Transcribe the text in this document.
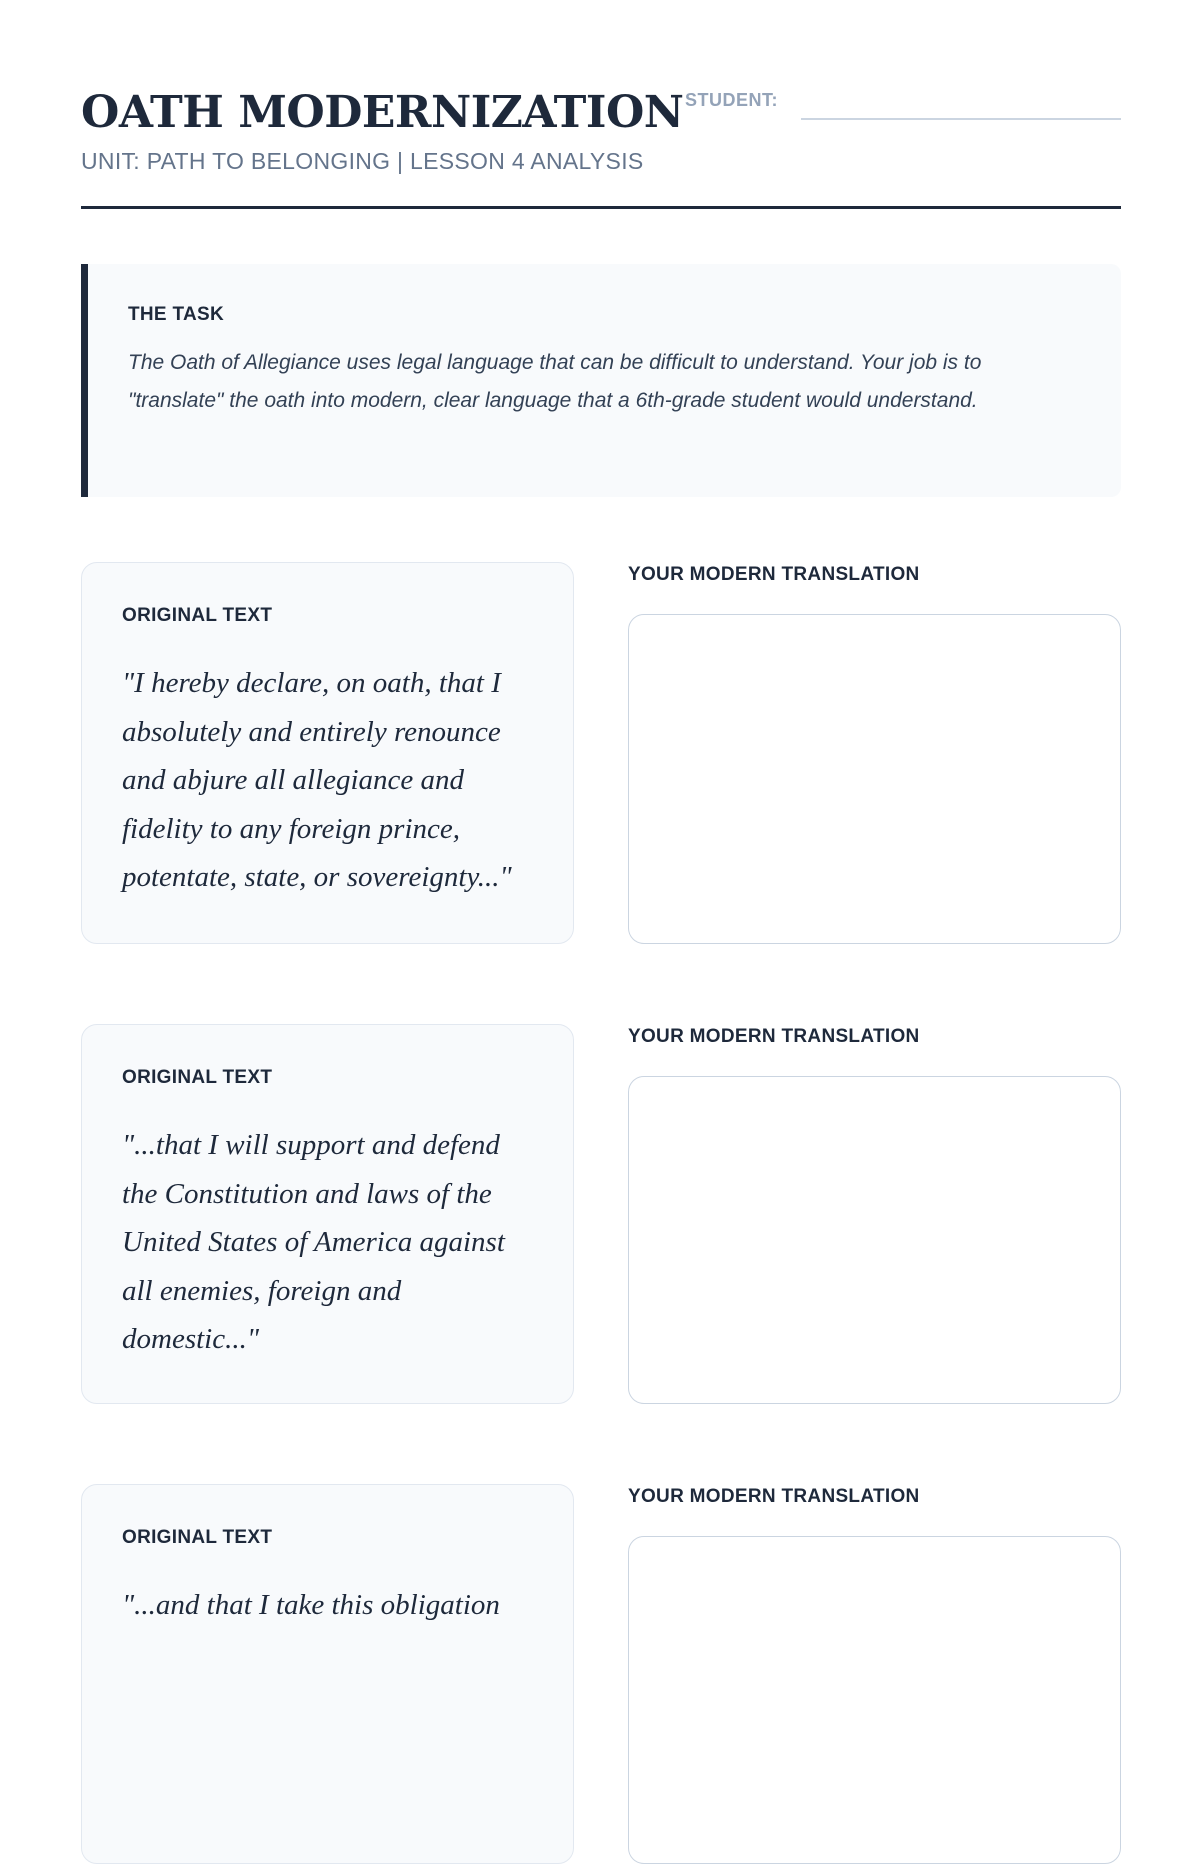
OATH MODERNIZATION
UNIT: PATH TO BELONGING | LESSON 4 ANALYSIS
STUDENT:
THE TASK
The Oath of Allegiance uses legal language that can be difficult to understand. Your job is to "translate" the oath into modern, clear language that a 6th-grade student would understand.
ORIGINAL TEXT
"I hereby declare, on oath, that I absolutely and entirely renounce and abjure all allegiance and fidelity to any foreign prince, potentate, state, or sovereignty..."
YOUR MODERN TRANSLATION
ORIGINAL TEXT
"...that I will support and defend the Constitution and laws of the United States of America against all enemies, foreign and domestic..."
YOUR MODERN TRANSLATION
ORIGINAL TEXT
"...and that I take this obligation
YOUR MODERN TRANSLATION
